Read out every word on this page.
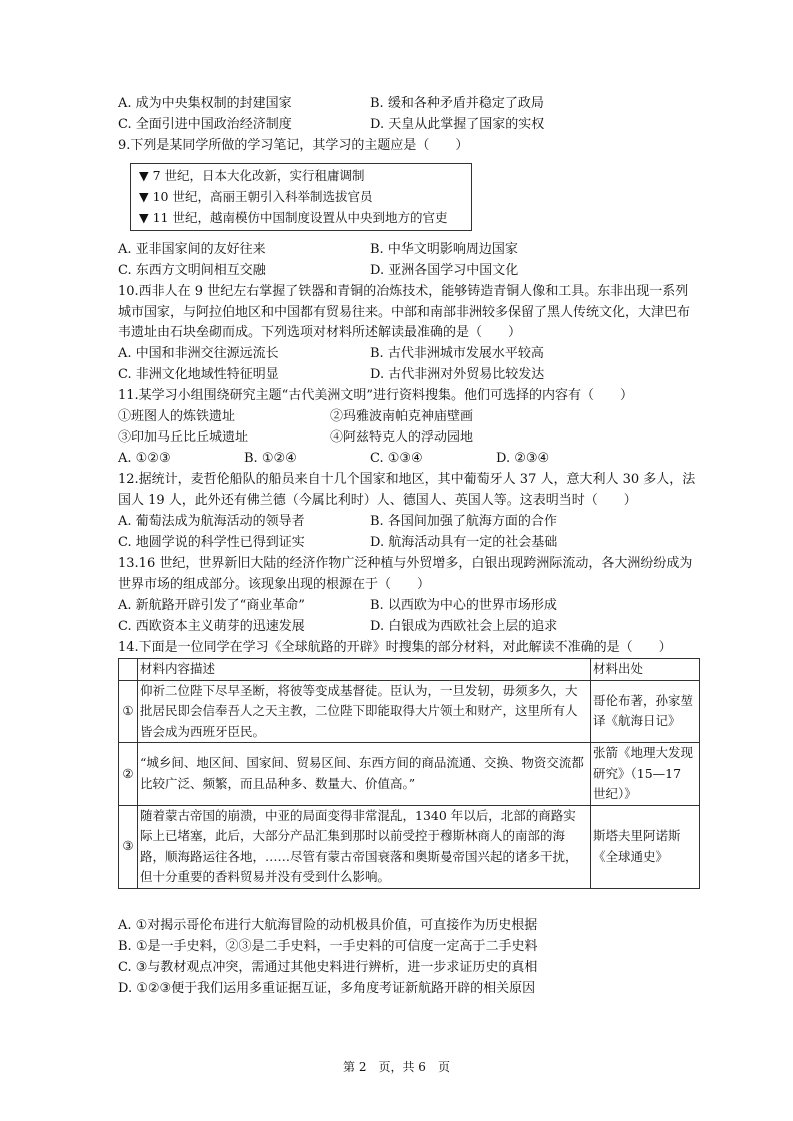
A. 成为中央集权制的封建国家	B. 缓和各种矛盾并稳定了政局
C. 全面引进中国政治经济制度	D. 天皇从此掌握了国家的实权
9.下列是某同学所做的学习笔记，其学习的主题应是（　　）
▼ 7 世纪，日本大化改新，实行租庸调制
▼ 10 世纪，高丽王朝引入科举制选拔官员
▼ 11 世纪，越南模仿中国制度设置从中央到地方的官吏
A. 亚非国家间的友好往来	B. 中华文明影响周边国家
C. 东西方文明间相互交融	D. 亚洲各国学习中国文化
10.西非人在 9 世纪左右掌握了铁器和青铜的冶炼技术，能够铸造青铜人像和工具。东非出现一系列城市国家，与阿拉伯地区和中国都有贸易往来。中部和南部非洲较多保留了黑人传统文化，大津巴布韦遗址由石块垒砌而成。下列选项对材料所述解读最准确的是（　　）
A. 中国和非洲交往源远流长	B. 古代非洲城市发展水平较高
C. 非洲文化地域性特征明显	D. 古代非洲对外贸易比较发达
11.某学习小组围绕研究主题“古代美洲文明”进行资料搜集。他们可选择的内容有（　　）
①班图人的炼铁遗址	②玛雅波南帕克神庙壁画
③印加马丘比丘城遗址	④阿兹特克人的浮动园地
A. ①②③	B. ①②④	C. ①③④	D. ②③④
12.据统计，麦哲伦船队的船员来自十几个国家和地区，其中葡萄牙人 37 人，意大利人 30 多人，法国人 19 人，此外还有佛兰德（今属比利时）人、德国人、英国人等。这表明当时（　　）
A. 葡萄法成为航海活动的领导者	B. 各国间加强了航海方面的合作
C. 地圆学说的科学性已得到证实	D. 航海活动具有一定的社会基础
13.16 世纪，世界新旧大陆的经济作物广泛种植与外贸增多，白银出现跨洲际流动，各大洲纷纷成为世界市场的组成部分。该现象出现的根源在于（　　）
A. 新航路开辟引发了“商业革命”	B. 以西欧为中心的世界市场形成
C. 西欧资本主义萌芽的迅速发展	D. 白银成为西欧社会上层的追求
14.下面是一位同学在学习《全球航路的开辟》时搜集的部分材料，对此解读不准确的是（　　）
	材料内容描述	材料出处
①	仰祈二位陛下尽早圣断，将彼等变成基督徒。臣认为，一旦发轫，毋须多久，大批居民即会信奉吾人之天主教，二位陛下即能取得大片领土和财产，这里所有人皆会成为西班牙臣民。	哥伦布著，孙家堃译《航海日记》
②	“城乡间、地区间、国家间、贸易区间、东西方间的商品流通、交换、物资交流都比较广泛、频繁，而且品种多、数量大、价值高。”	张箭《地理大发现研究》（15—17 世纪）》
③	随着蒙古帝国的崩溃，中亚的局面变得非常混乱，1340 年以后，北部的商路实际上已堵塞，此后，大部分产品汇集到那时以前受控于穆斯林商人的南部的海路，顺海路运往各地，……尽管有蒙古帝国衰落和奥斯曼帝国兴起的诸多干扰，但十分重要的香料贸易并没有受到什么影响。	斯塔夫里阿诺斯《全球通史》
A. ①对揭示哥伦布进行大航海冒险的动机极具价值，可直接作为历史根据
B. ①是一手史料，②③是二手史料，一手史料的可信度一定高于二手史料
C. ③与教材观点冲突，需通过其他史料进行辨析，进一步求证历史的真相
D. ①②③便于我们运用多重证据互证，多角度考证新航路开辟的相关原因
第 2　页，共 6　页
